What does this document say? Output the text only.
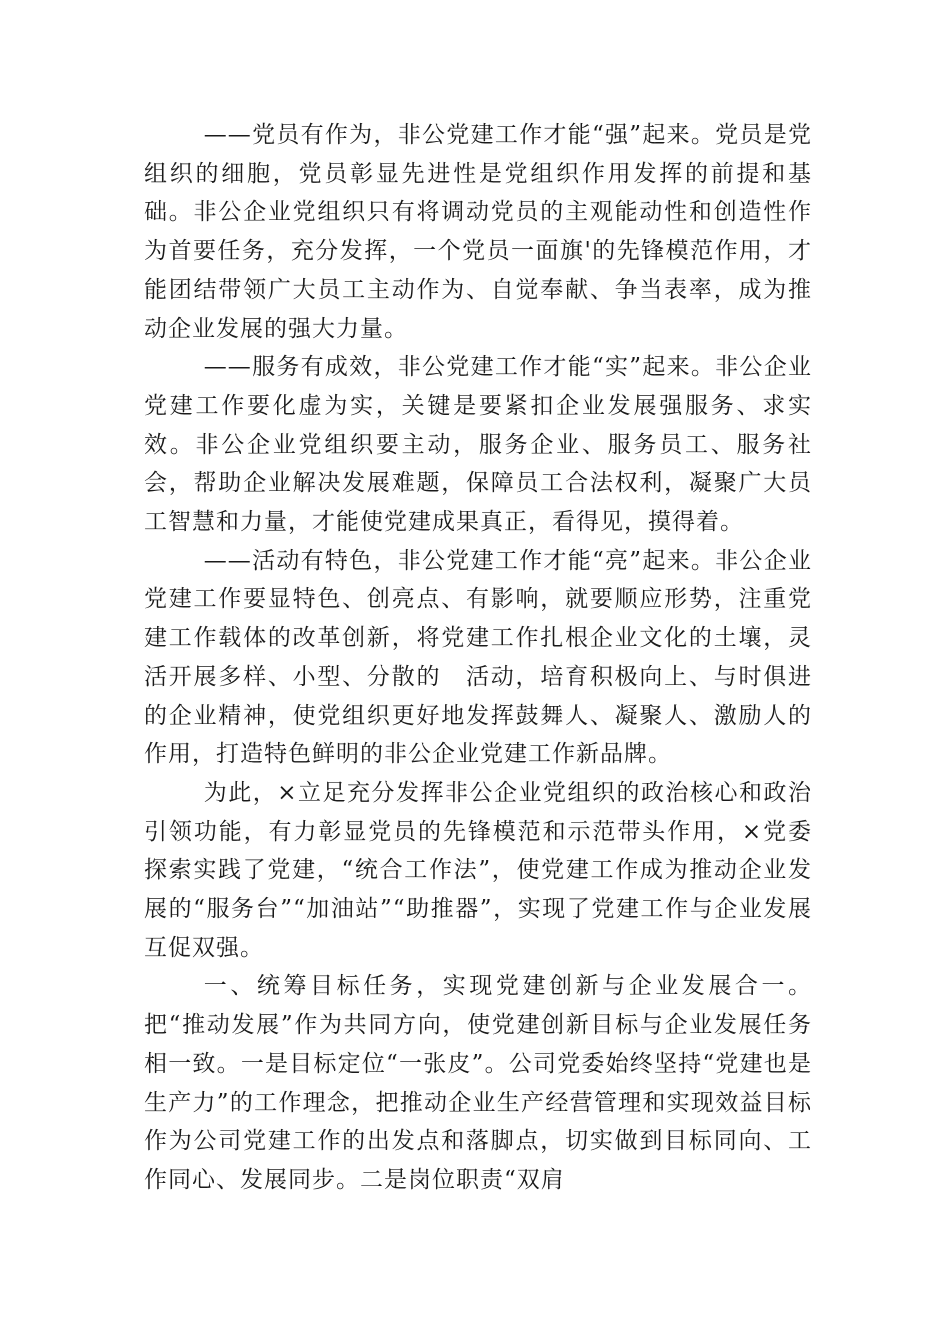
——党员有作为，非公党建工作才能“强”起来。党员是党组织的细胞，党员彰显先进性是党组织作用发挥的前提和基础。非公企业党组织只有将调动党员的主观能动性和创造性作为首要任务，充分发挥，一个党员一面旗'的先锋模范作用，才能团结带领广大员工主动作为、自觉奉献、争当表率，成为推动企业发展的强大力量。

——服务有成效，非公党建工作才能“实”起来。非公企业党建工作要化虚为实，关键是要紧扣企业发展强服务、求实效。非公企业党组织要主动，服务企业、服务员工、服务社会，帮助企业解决发展难题，保障员工合法权利，凝聚广大员工智慧和力量，才能使党建成果真正，看得见，摸得着。

——活动有特色，非公党建工作才能“亮”起来。非公企业党建工作要显特色、创亮点、有影响，就要顺应形势，注重党建工作载体的改革创新，将党建工作扎根企业文化的土壤，灵活开展多样、小型、分散的　活动，培育积极向上、与时俱进的企业精神，使党组织更好地发挥鼓舞人、凝聚人、激励人的作用，打造特色鲜明的非公企业党建工作新品牌。

为此，×立足充分发挥非公企业党组织的政治核心和政治引领功能，有力彰显党员的先锋模范和示范带头作用，×党委探索实践了党建，“统合工作法”，使党建工作成为推动企业发展的“服务台”“加油站”“助推器”，实现了党建工作与企业发展互促双强。

一、统筹目标任务，实现党建创新与企业发展合一。把“推动发展”作为共同方向，使党建创新目标与企业发展任务相一致。一是目标定位“一张皮”。公司党委始终坚持“党建也是生产力”的工作理念，把推动企业生产经营管理和实现效益目标作为公司党建工作的出发点和落脚点，切实做到目标同向、工作同心、发展同步。二是岗位职责“双肩
